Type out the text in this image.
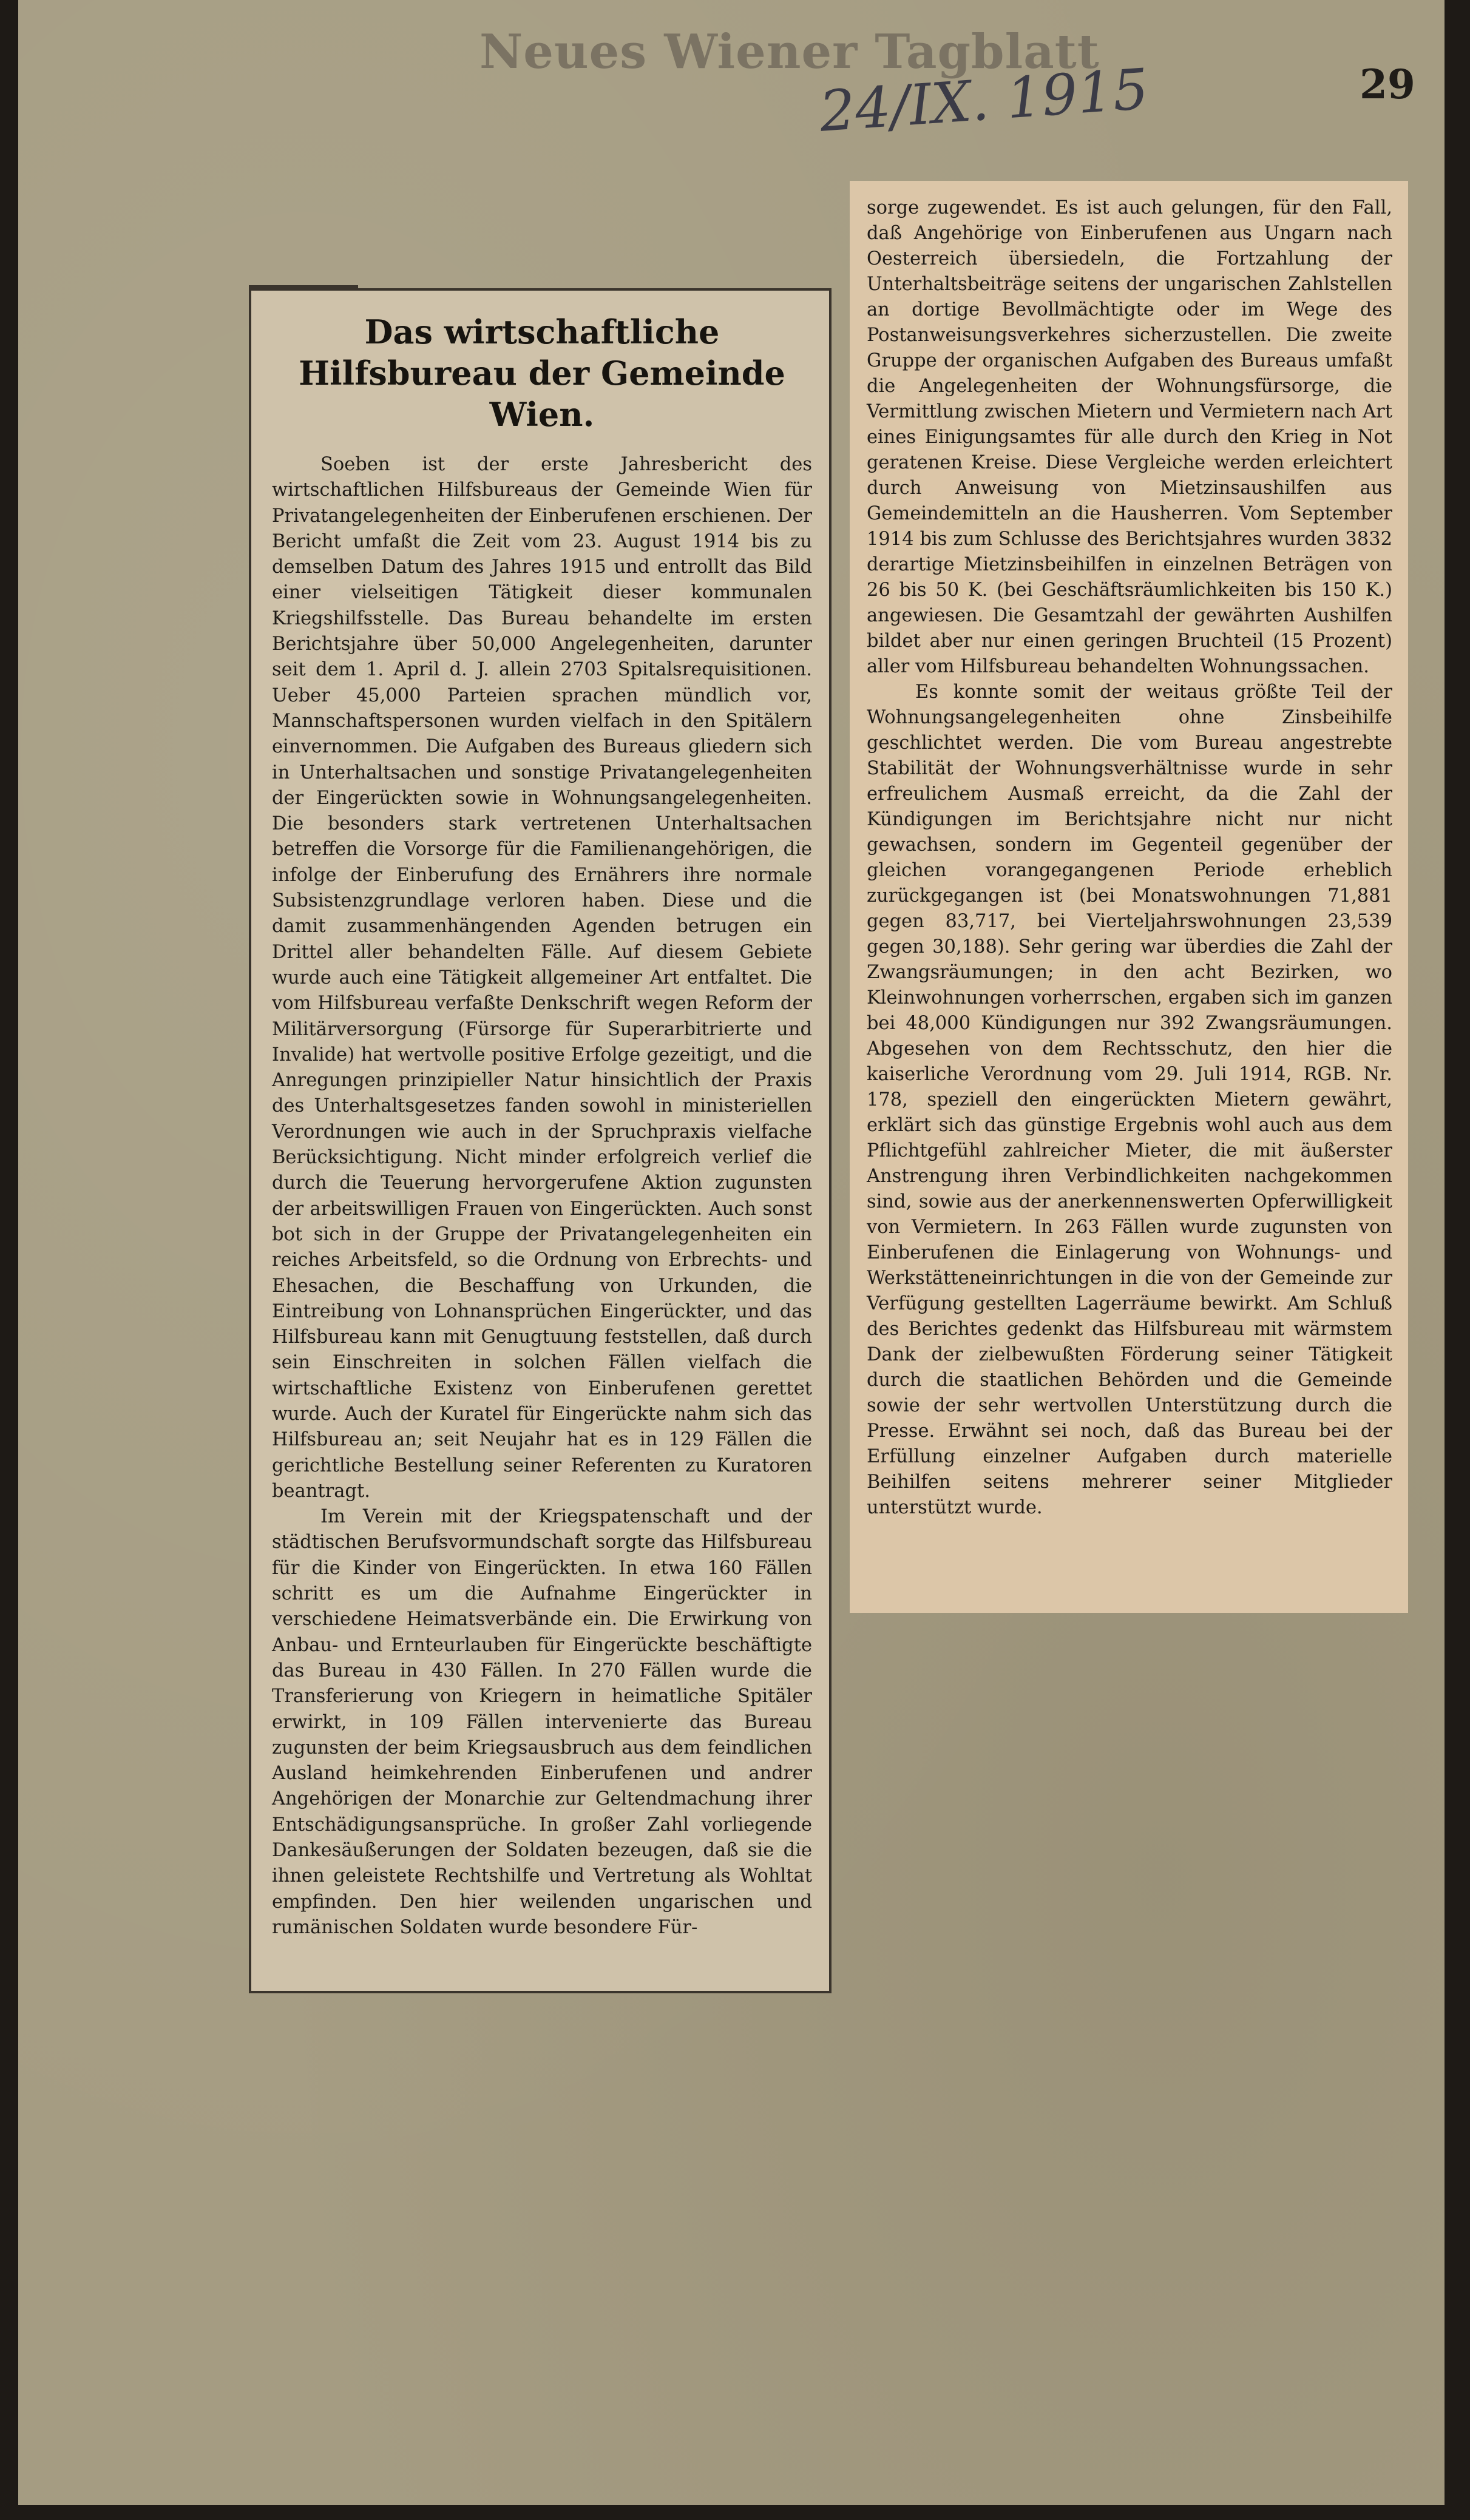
Neues Wiener Tagblatt
24/IX. 1915	29
Das wirtschaftliche Hilfsbureau der Gemeinde Wien.

Soeben ist der erste Jahresbericht des wirtschaftlichen Hilfsbureaus der Gemeinde Wien für Privatangelegenheiten der Einberufenen erschienen. Der Bericht umfaßt die Zeit vom 23. August 1914 bis zu demselben Datum des Jahres 1915 und entrollt das Bild einer vielseitigen Tätigkeit dieser kommunalen Kriegshilfsstelle. Das Bureau behandelte im ersten Berichtsjahre über 50,000 Angelegenheiten, darunter seit dem 1. April d. J. allein 2703 Spitalsrequisitionen. Ueber 45,000 Parteien sprachen mündlich vor, Mannschaftspersonen wurden vielfach in den Spitälern einvernommen. Die Aufgaben des Bureaus gliedern sich in Unterhaltsachen und sonstige Privatangelegenheiten der Eingerückten sowie in Wohnungsangelegenheiten. Die besonders stark vertretenen Unterhaltsachen betreffen die Vorsorge für die Familienangehörigen, die infolge der Einberufung des Ernährers ihre normale Subsistenzgrundlage verloren haben. Diese und die damit zusammenhängenden Agenden betrugen ein Drittel aller behandelten Fälle. Auf diesem Gebiete wurde auch eine Tätigkeit allgemeiner Art entfaltet. Die vom Hilfsbureau verfaßte Denkschrift wegen Reform der Militärversorgung (Fürsorge für Superarbitrierte und Invalide) hat wertvolle positive Erfolge gezeitigt, und die Anregungen prinzipieller Natur hinsichtlich der Praxis des Unterhaltsgesetzes fanden sowohl in ministeriellen Verordnungen wie auch in der Spruchpraxis vielfache Berücksichtigung. Nicht minder erfolgreich verlief die durch die Teuerung hervorgerufene Aktion zugunsten der arbeitswilligen Frauen von Eingerückten. Auch sonst bot sich in der Gruppe der Privatangelegenheiten ein reiches Arbeitsfeld, so die Ordnung von Erbrechts- und Ehesachen, die Beschaffung von Urkunden, die Eintreibung von Lohnansprüchen Eingerückter, und das Hilfsbureau kann mit Genugtuung feststellen, daß durch sein Einschreiten in solchen Fällen vielfach die wirtschaftliche Existenz von Einberufenen gerettet wurde. Auch der Kuratel für Eingerückte nahm sich das Hilfsbureau an; seit Neujahr hat es in 129 Fällen die gerichtliche Bestellung seiner Referenten zu Kuratoren beantragt.

Im Verein mit der Kriegspatenschaft und der städtischen Berufsvormundschaft sorgte das Hilfsbureau für die Kinder von Eingerückten. In etwa 160 Fällen schritt es um die Aufnahme Eingerückter in verschiedene Heimatsverbände ein. Die Erwirkung von Anbau- und Ernteurlauben für Eingerückte beschäftigte das Bureau in 430 Fällen. In 270 Fällen wurde die Transferierung von Kriegern in heimatliche Spitäler erwirkt, in 109 Fällen intervenierte das Bureau zugunsten der beim Kriegsausbruch aus dem feindlichen Ausland heimkehrenden Einberufenen und andrer Angehörigen der Monarchie zur Geltendmachung ihrer Entschädigungsansprüche. In großer Zahl vorliegende Dankesäußerungen der Soldaten bezeugen, daß sie die ihnen geleistete Rechtshilfe und Vertretung als Wohltat empfinden. Den hier weilenden ungarischen und rumänischen Soldaten wurde besondere Für-

sorge zugewendet. Es ist auch gelungen, für den Fall, daß Angehörige von Einberufenen aus Ungarn nach Oesterreich übersiedeln, die Fortzahlung der Unterhaltsbeiträge seitens der ungarischen Zahlstellen an dortige Bevollmächtigte oder im Wege des Postanweisungsverkehres sicherzustellen. Die zweite Gruppe der organischen Aufgaben des Bureaus umfaßt die Angelegenheiten der Wohnungsfürsorge, die Vermittlung zwischen Mietern und Vermietern nach Art eines Einigungsamtes für alle durch den Krieg in Not geratenen Kreise. Diese Vergleiche werden erleichtert durch Anweisung von Mietzinsaushilfen aus Gemeindemitteln an die Hausherren. Vom September 1914 bis zum Schlusse des Berichtsjahres wurden 3832 derartige Mietzinsbeihilfen in einzelnen Beträgen von 26 bis 50 K. (bei Geschäftsräumlichkeiten bis 150 K.) angewiesen. Die Gesamtzahl der gewährten Aushilfen bildet aber nur einen geringen Bruchteil (15 Prozent) aller vom Hilfsbureau behandelten Wohnungssachen.

Es konnte somit der weitaus größte Teil der Wohnungsangelegenheiten ohne Zinsbeihilfe geschlichtet werden. Die vom Bureau angestrebte Stabilität der Wohnungsverhältnisse wurde in sehr erfreulichem Ausmaß erreicht, da die Zahl der Kündigungen im Berichtsjahre nicht nur nicht gewachsen, sondern im Gegenteil gegenüber der gleichen vorangegangenen Periode erheblich zurückgegangen ist (bei Monatswohnungen 71,881 gegen 83,717, bei Vierteljahrswohnungen 23,539 gegen 30,188). Sehr gering war überdies die Zahl der Zwangsräumungen; in den acht Bezirken, wo Kleinwohnungen vorherrschen, ergaben sich im ganzen bei 48,000 Kündigungen nur 392 Zwangsräumungen. Abgesehen von dem Rechtsschutz, den hier die kaiserliche Verordnung vom 29. Juli 1914, RGB. Nr. 178, speziell den eingerückten Mietern gewährt, erklärt sich das günstige Ergebnis wohl auch aus dem Pflichtgefühl zahlreicher Mieter, die mit äußerster Anstrengung ihren Verbindlichkeiten nachgekommen sind, sowie aus der anerkennenswerten Opferwilligkeit von Vermietern. In 263 Fällen wurde zugunsten von Einberufenen die Einlagerung von Wohnungs- und Werkstätteneinrichtungen in die von der Gemeinde zur Verfügung gestellten Lagerräume bewirkt. Am Schluß des Berichtes gedenkt das Hilfsbureau mit wärmstem Dank der zielbewußten Förderung seiner Tätigkeit durch die staatlichen Behörden und die Gemeinde sowie der sehr wertvollen Unterstützung durch die Presse. Erwähnt sei noch, daß das Bureau bei der Erfüllung einzelner Aufgaben durch materielle Beihilfen seitens mehrerer seiner Mitglieder unterstützt wurde.
